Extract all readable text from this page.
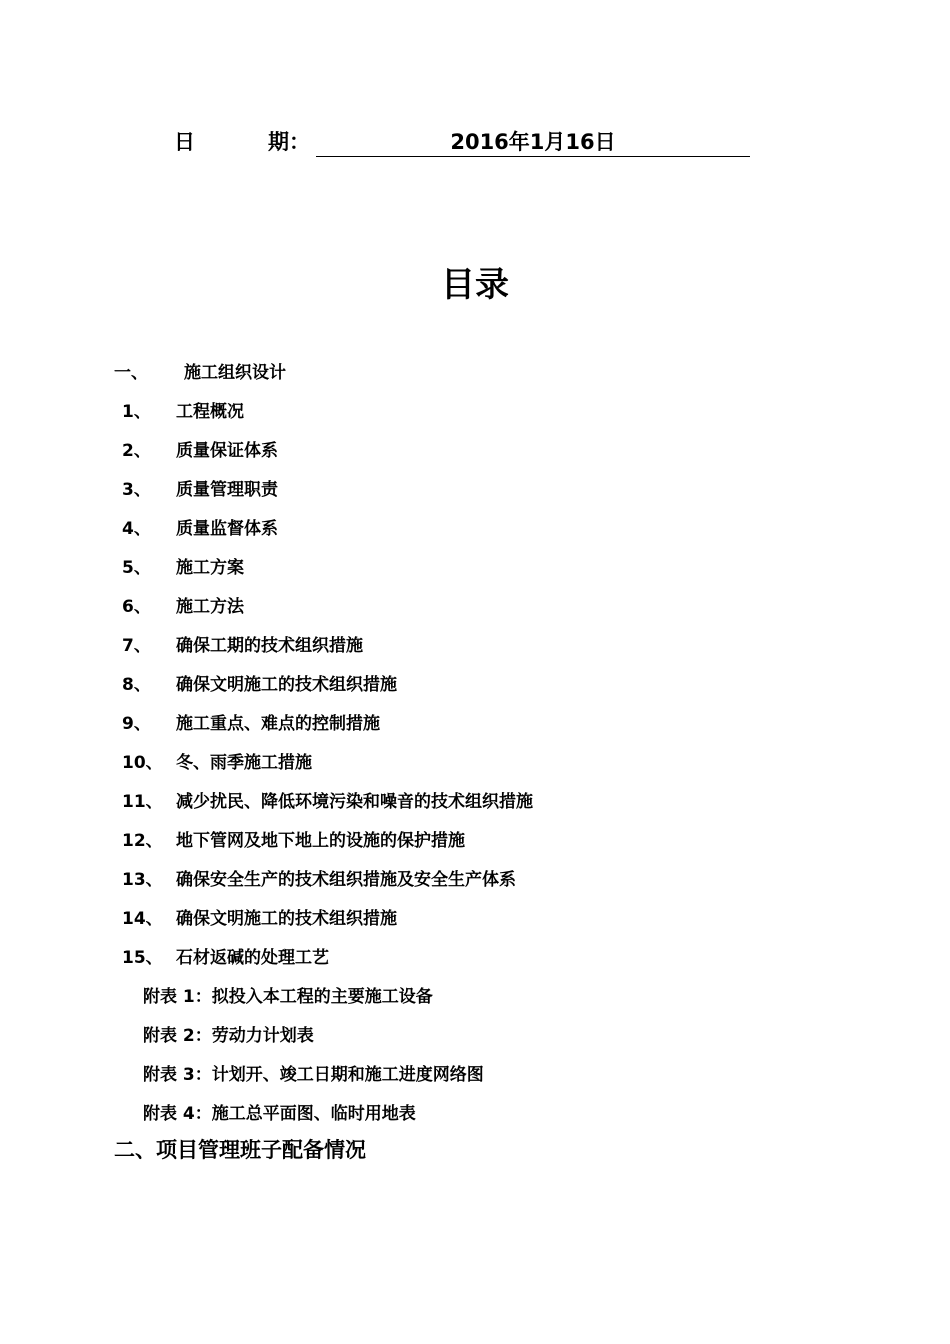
日	期：	2016年1月16日
目录
一、 施工组织设计
1、 工程概况
2、 质量保证体系
3、 质量管理职责
4、 质量监督体系
5、 施工方案
6、 施工方法
7、 确保工期的技术组织措施
8、 确保文明施工的技术组织措施
9、 施工重点、难点的控制措施
10、 冬、雨季施工措施
11、 减少扰民、降低环境污染和噪音的技术组织措施
12、 地下管网及地下地上的设施的保护措施
13、 确保安全生产的技术组织措施及安全生产体系
14、 确保文明施工的技术组织措施
15、 石材返碱的处理工艺
附表 1：拟投入本工程的主要施工设备
附表 2：劳动力计划表
附表 3：计划开、竣工日期和施工进度网络图
附表 4：施工总平面图、临时用地表
二、项目管理班子配备情况
